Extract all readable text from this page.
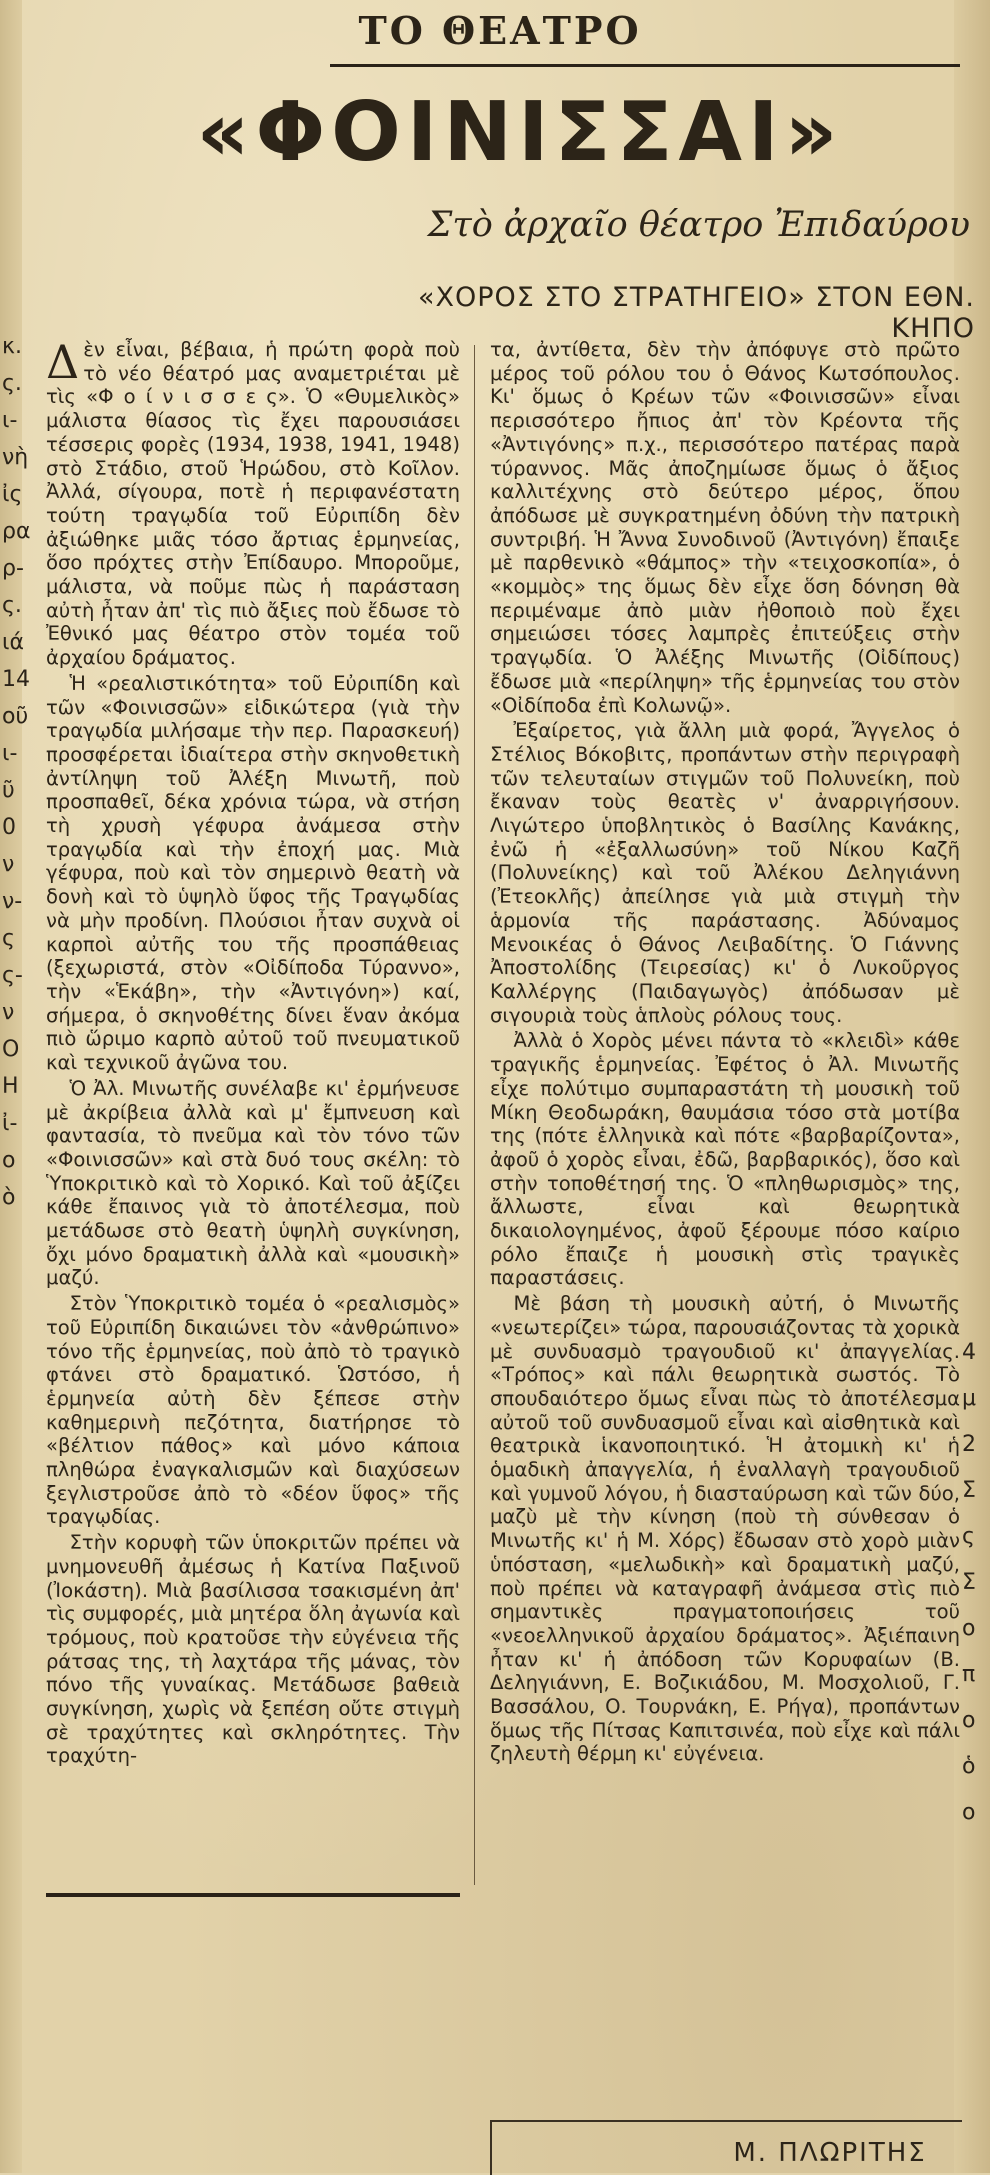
κ.
ς.
ι-
νὴ
ἰς
ρα
ρ-
ς.
ιά
14
οῦ
ι-
ῦ
0
ν
ν-
ς
ς-
ν
Ο
Η
ἰ-
ο
ὸ
4
μ
2
Σ
ς
Σ
ο
π
ο
ὁ
ο
ΤΟ ΘΕΑΤΡΟ
«ΦΟΙΝΙΣΣΑΙ»

Στὸ ἀρχαῖο θέατρο Ἐπιδαύρου

«ΧΟΡΟΣ ΣΤΟ ΣΤΡΑΤΗΓΕΙΟ» ΣΤΟΝ ΕΘΝ. ΚΗΠΟ

Δὲν εἶναι, βέβαια, ἡ πρώτη φορὰ ποὺ τὸ νέο θέατρό μας αναμετριέται μὲ τὶς «Φ ο ί ν ι σ σ ε ς». Ὁ «Θυμελικὸς» μάλιστα θίασος τὶς ἔχει παρουσιάσει τέσσερις φορὲς (1934, 1938, 1941, 1948) στὸ Στάδιο, στοῦ Ἡρώδου, στὸ Κοῖλον. Ἀλλά, σίγουρα, ποτὲ ἡ περιφανέστατη τούτη τραγῳδία τοῦ Εὐριπίδη δὲν ἀξιώθηκε μιᾶς τόσο ἄρτιας ἑρμηνείας, ὅσο πρόχτες στὴν Ἐπίδαυρο. Μποροῦμε, μάλιστα, νὰ ποῦμε πὼς ἡ παράσταση αὐτὴ ἦταν ἀπ' τὶς πιὸ ἄξιες ποὺ ἔδωσε τὸ Ἐθνικό μας θέατρο στὸν τομέα τοῦ ἀρχαίου δράματος.

Ἡ «ρεαλιστικότητα» τοῦ Εὐριπίδη καὶ τῶν «Φοινισσῶν» εἰδικώτερα (γιὰ τὴν τραγῳδία μιλήσαμε τὴν περ. Παρασκευή) προσφέρεται ἰδιαίτερα στὴν σκηνοθετικὴ ἀντίληψη τοῦ Ἀλέξη Μινωτῆ, ποὺ προσπαθεῖ, δέκα χρόνια τώρα, νὰ στήση τὴ χρυσὴ γέφυρα ἀνάμεσα στὴν τραγῳδία καὶ τὴν ἐποχή μας. Μιὰ γέφυρα, ποὺ καὶ τὸν σημερινὸ θεατὴ νὰ δονὴ καὶ τὸ ὑψηλὸ ὕφος τῆς Τραγῳδίας νὰ μὴν προδίνη. Πλούσιοι ἦταν συχνὰ οἱ καρποὶ αὐτῆς του τῆς προσπάθειας (ξεχωριστά, στὸν «Οἰδίποδα Τύραννο», τὴν «Ἑκάβη», τὴν «Ἀντιγόνη») καί, σήμερα, ὁ σκηνοθέτης δίνει ἕναν ἀκόμα πιὸ ὥριμο καρπὸ αὐτοῦ τοῦ πνευματικοῦ καὶ τεχνικοῦ ἀγῶνα του.

Ὁ Ἀλ. Μινωτῆς συνέλαβε κι' ἐρμήνευσε μὲ ἀκρίβεια ἀλλὰ καὶ μ' ἔμπνευση καὶ φαντασία, τὸ πνεῦμα καὶ τὸν τόνο τῶν «Φοινισσῶν» καὶ στὰ δυό τους σκέλη: τὸ Ὑποκριτικὸ καὶ τὸ Χορικό. Καὶ τοῦ ἀξίζει κάθε ἔπαινος γιὰ τὸ ἀποτέλεσμα, ποὺ μετάδωσε στὸ θεατὴ ὑψηλὴ συγκίνηση, ὄχι μόνο δραματικὴ ἀλλὰ καὶ «μουσικὴ» μαζύ.

Στὸν Ὑποκριτικὸ τομέα ὁ «ρεαλισμὸς» τοῦ Εὐριπίδη δικαιώνει τὸν «ἀνθρώπινο» τόνο τῆς ἑρμηνείας, ποὺ ἀπὸ τὸ τραγικὸ φτάνει στὸ δραματικό. Ὡστόσο, ἡ ἑρμηνεία αὐτὴ δὲν ξέπεσε στὴν καθημερινὴ πεζότητα, διατήρησε τὸ «βέλτιον πάθος» καὶ μόνο κάποια πληθώρα ἐναγκαλισμῶν καὶ διαχύσεων ξεγλιστροῦσε ἀπὸ τὸ «δέον ὕφος» τῆς τραγῳδίας.

Στὴν κορυφὴ τῶν ὑποκριτῶν πρέπει νὰ μνημονευθῆ ἀμέσως ἡ Κατίνα Παξινοῦ (Ἰοκάστη). Μιὰ βασίλισσα τσακισμένη ἀπ' τὶς συμφορές, μιὰ μητέρα ὅλη ἀγωνία καὶ τρόμους, ποὺ κρατοῦσε τὴν εὐγένεια τῆς ράτσας της, τὴ λαχτάρα τῆς μάνας, τὸν πόνο τῆς γυναίκας. Μετάδωσε βαθειὰ συγκίνηση, χωρὶς νὰ ξεπέση οὔτε στιγμὴ σὲ τραχύτητες καὶ σκληρότητες. Τὴν τραχύτη-

τα, ἀντίθετα, δὲν τὴν ἀπόφυγε στὸ πρῶτο μέρος τοῦ ρόλου του ὁ Θάνος Κωτσόπουλος. Κι' ὅμως ὁ Κρέων τῶν «Φοινισσῶν» εἶναι περισσότερο ἤπιος ἀπ' τὸν Κρέοντα τῆς «Ἀντιγόνης» π.χ., περισσότερο πατέρας παρὰ τύραννος. Μᾶς ἀποζημίωσε ὅμως ὁ ἄξιος καλλιτέχνης στὸ δεύτερο μέρος, ὅπου ἀπόδωσε μὲ συγκρατημένη ὀδύνη τὴν πατρικὴ συντριβή. Ἡ Ἄννα Συνοδινοῦ (Ἀντιγόνη) ἔπαιξε μὲ παρθενικὸ «θάμπος» τὴν «τειχοσκοπία», ὁ «κομμὸς» της ὅμως δὲν εἶχε ὅση δόνηση θὰ περιμέναμε ἀπὸ μιὰν ἠθοποιὸ ποὺ ἔχει σημειώσει τόσες λαμπρὲς ἐπιτεύξεις στὴν τραγῳδία. Ὁ Ἀλέξης Μινωτῆς (Οἰδίπους) ἔδωσε μιὰ «περίληψη» τῆς ἑρμηνείας του στὸν «Οἰδίποδα ἐπὶ Κολωνῷ».

Ἐξαίρετος, γιὰ ἄλλη μιὰ φορά, Ἄγγελος ὁ Στέλιος Βόκοβιτς, προπάντων στὴν περιγραφὴ τῶν τελευταίων στιγμῶν τοῦ Πολυνείκη, ποὺ ἔκαναν τοὺς θεατὲς ν' ἀναρριγήσουν. Λιγώτερο ὑποβλητικὸς ὁ Βασίλης Κανάκης, ἐνῶ ἡ «ἐξαλλωσύνη» τοῦ Νίκου Καζῆ (Πολυνείκης) καὶ τοῦ Ἀλέκου Δεληγιάννη (Ἐτεοκλῆς) ἀπείλησε γιὰ μιὰ στιγμὴ τὴν ἁρμονία τῆς παράστασης. Ἀδύναμος Μενοικέας ὁ Θάνος Λειβαδίτης. Ὁ Γιάννης Ἀποστολίδης (Τειρεσίας) κι' ὁ Λυκοῦργος Καλλέργης (Παιδαγωγὸς) ἀπόδωσαν μὲ σιγουριὰ τοὺς ἁπλοὺς ρόλους τους.

Ἀλλὰ ὁ Χορὸς μένει πάντα τὸ «κλειδὶ» κάθε τραγικῆς ἑρμηνείας. Ἐφέτος ὁ Ἀλ. Μινωτῆς εἶχε πολύτιμο συμπαραστάτη τὴ μουσικὴ τοῦ Μίκη Θεοδωράκη, θαυμάσια τόσο στὰ μοτίβα της (πότε ἑλληνικὰ καὶ πότε «βαρβαρίζοντα», ἀφοῦ ὁ χορὸς εἶναι, ἐδῶ, βαρβαρικός), ὅσο καὶ στὴν τοποθέτησή της. Ὁ «πληθωρισμὸς» της, ἄλλωστε, εἶναι καὶ θεωρητικὰ δικαιολογημένος, ἀφοῦ ξέρουμε πόσο καίριο ρόλο ἔπαιζε ἡ μουσικὴ στὶς τραγικὲς παραστάσεις.

Μὲ βάση τὴ μουσικὴ αὐτή, ὁ Μινωτῆς «νεωτερίζει» τώρα, παρουσιάζοντας τὰ χορικὰ μὲ συνδυασμὸ τραγουδιοῦ κι' ἀπαγγελίας. «Τρόπος» καὶ πάλι θεωρητικὰ σωστός. Τὸ σπουδαιότερο ὅμως εἶναι πὼς τὸ ἀποτέλεσμα αὐτοῦ τοῦ συνδυασμοῦ εἶναι καὶ αἰσθητικὰ καὶ θεατρικὰ ἱκανοποιητικό. Ἡ ἀτομικὴ κι' ἡ ὁμαδικὴ ἀπαγγελία, ἡ ἐναλλαγὴ τραγουδιοῦ καὶ γυμνοῦ λόγου, ἡ διασταύρωση καὶ τῶν δύο, μαζὺ μὲ τὴν κίνηση (ποὺ τὴ σύνθεσαν ὁ Μινωτῆς κι' ἡ Μ. Χόρς) ἔδωσαν στὸ χορὸ μιὰν ὑπόσταση, «μελωδικὴ» καὶ δραματικὴ μαζύ, ποὺ πρέπει νὰ καταγραφῆ ἀνάμεσα στὶς πιὸ σημαντικὲς πραγματοποιήσεις τοῦ «νεοελληνικοῦ ἀρχαίου δράματος». Ἀξιέπαινη ἦταν κι' ἡ ἀπόδοση τῶν Κορυφαίων (Β. Δεληγιάννη, Ε. Βοζικιάδου, Μ. Μοσχολιοῦ, Γ. Βασσάλου, Ο. Τουρνάκη, Ε. Ρήγα), προπάντων ὅμως τῆς Πίτσας Καπιτσινέα, ποὺ εἶχε καὶ πάλι ζηλευτὴ θέρμη κι' εὐγένεια.

Μ. ΠΛΩΡΙΤΗΣ
